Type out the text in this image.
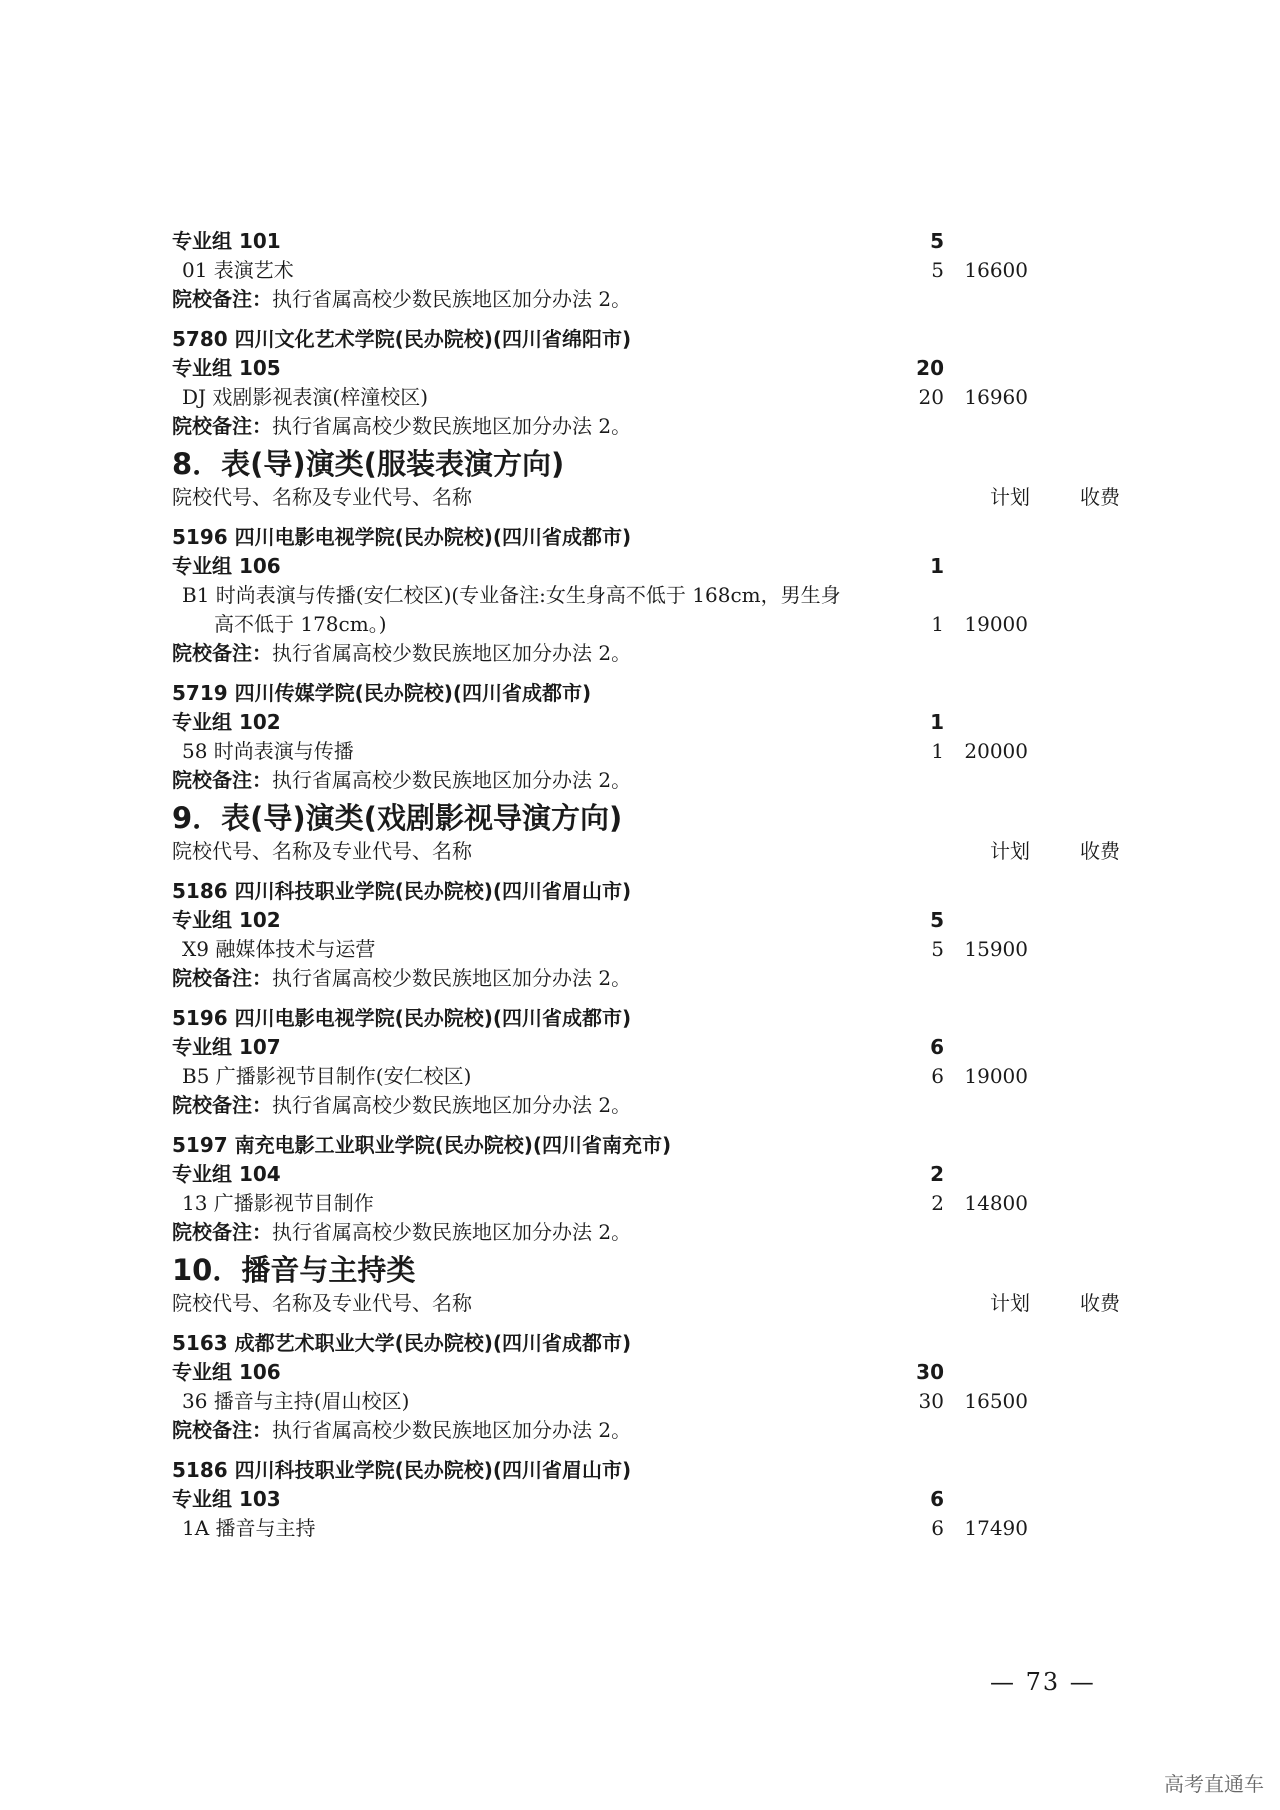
专业组 101	5
01 表演艺术	5 16600
院校备注：执行省属高校少数民族地区加分办法 2。
5780 四川文化艺术学院(民办院校)(四川省绵阳市)
专业组 105	20
DJ 戏剧影视表演(梓潼校区)	20 16960
院校备注：执行省属高校少数民族地区加分办法 2。
8．表(导)演类(服装表演方向)
院校代号、名称及专业代号、名称	计划	收费
5196 四川电影电视学院(民办院校)(四川省成都市)
专业组 106	1
B1 时尚表演与传播(安仁校区)(专业备注:女生身高不低于 168cm，男生身
高不低于 178cm。)	1 19000
院校备注：执行省属高校少数民族地区加分办法 2。
5719 四川传媒学院(民办院校)(四川省成都市)
专业组 102	1
58 时尚表演与传播	1 20000
院校备注：执行省属高校少数民族地区加分办法 2。
9．表(导)演类(戏剧影视导演方向)
院校代号、名称及专业代号、名称	计划	收费
5186 四川科技职业学院(民办院校)(四川省眉山市)
专业组 102	5
X9 融媒体技术与运营	5 15900
院校备注：执行省属高校少数民族地区加分办法 2。
5196 四川电影电视学院(民办院校)(四川省成都市)
专业组 107	6
B5 广播影视节目制作(安仁校区)	6 19000
院校备注：执行省属高校少数民族地区加分办法 2。
5197 南充电影工业职业学院(民办院校)(四川省南充市)
专业组 104	2
13 广播影视节目制作	2 14800
院校备注：执行省属高校少数民族地区加分办法 2。
10．播音与主持类
院校代号、名称及专业代号、名称	计划	收费
5163 成都艺术职业大学(民办院校)(四川省成都市)
专业组 106	30
36 播音与主持(眉山校区)	30 16500
院校备注：执行省属高校少数民族地区加分办法 2。
5186 四川科技职业学院(民办院校)(四川省眉山市)
专业组 103	6
1A 播音与主持	6 17490
— 73 —
高考直通车
